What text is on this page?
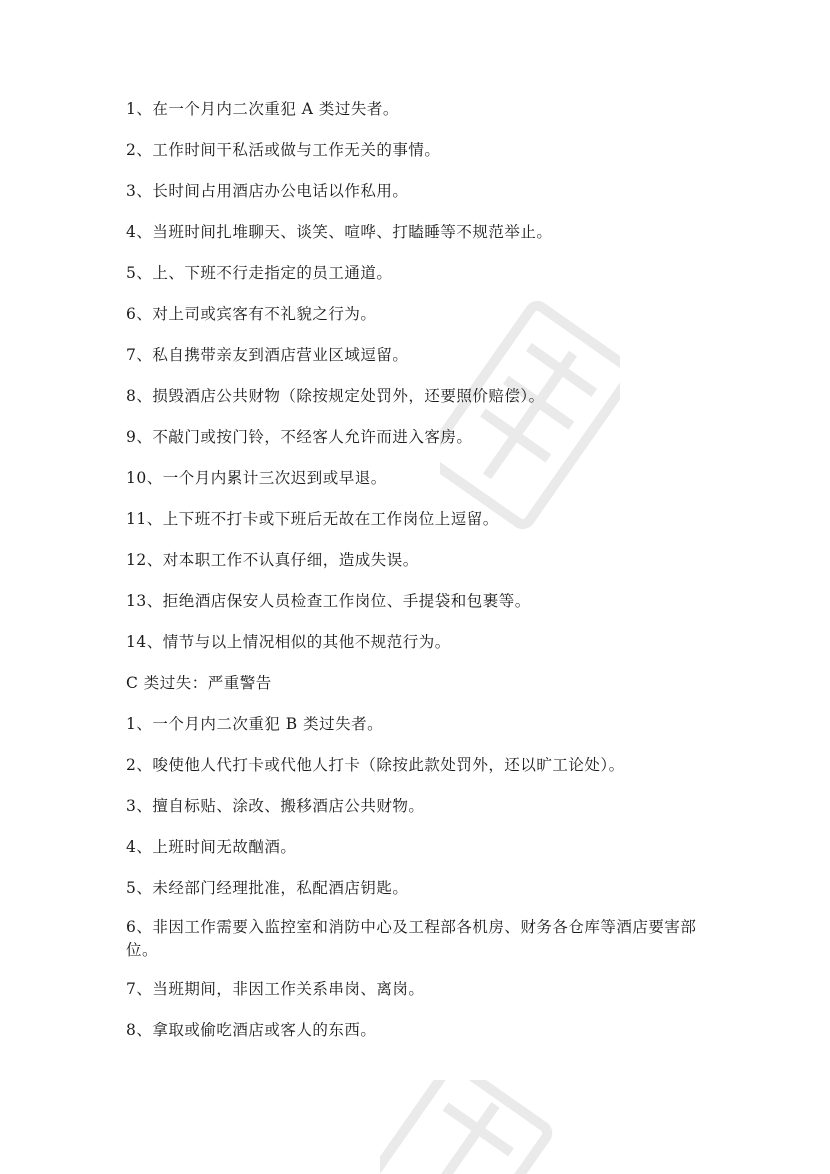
1、在一个月内二次重犯 A 类过失者。

2、工作时间干私活或做与工作无关的事情。

3、长时间占用酒店办公电话以作私用。

4、当班时间扎堆聊天、谈笑、喧哗、打瞌睡等不规范举止。

5、上、下班不行走指定的员工通道。

6、对上司或宾客有不礼貌之行为。

7、私自携带亲友到酒店营业区域逗留。

8、损毁酒店公共财物（除按规定处罚外，还要照价赔偿）。

9、不敲门或按门铃，不经客人允许而进入客房。

10、一个月内累计三次迟到或早退。

11、上下班不打卡或下班后无故在工作岗位上逗留。

12、对本职工作不认真仔细，造成失误。

13、拒绝酒店保安人员检查工作岗位、手提袋和包裹等。

14、情节与以上情况相似的其他不规范行为。

C 类过失：严重警告

1、一个月内二次重犯 B 类过失者。

2、唆使他人代打卡或代他人打卡（除按此款处罚外，还以旷工论处）。

3、擅自标贴、涂改、搬移酒店公共财物。

4、上班时间无故酗酒。

5、未经部门经理批准，私配酒店钥匙。

6、非因工作需要入监控室和消防中心及工程部各机房、财务各仓库等酒店要害部位。

7、当班期间，非因工作关系串岗、离岗。

8、拿取或偷吃酒店或客人的东西。
